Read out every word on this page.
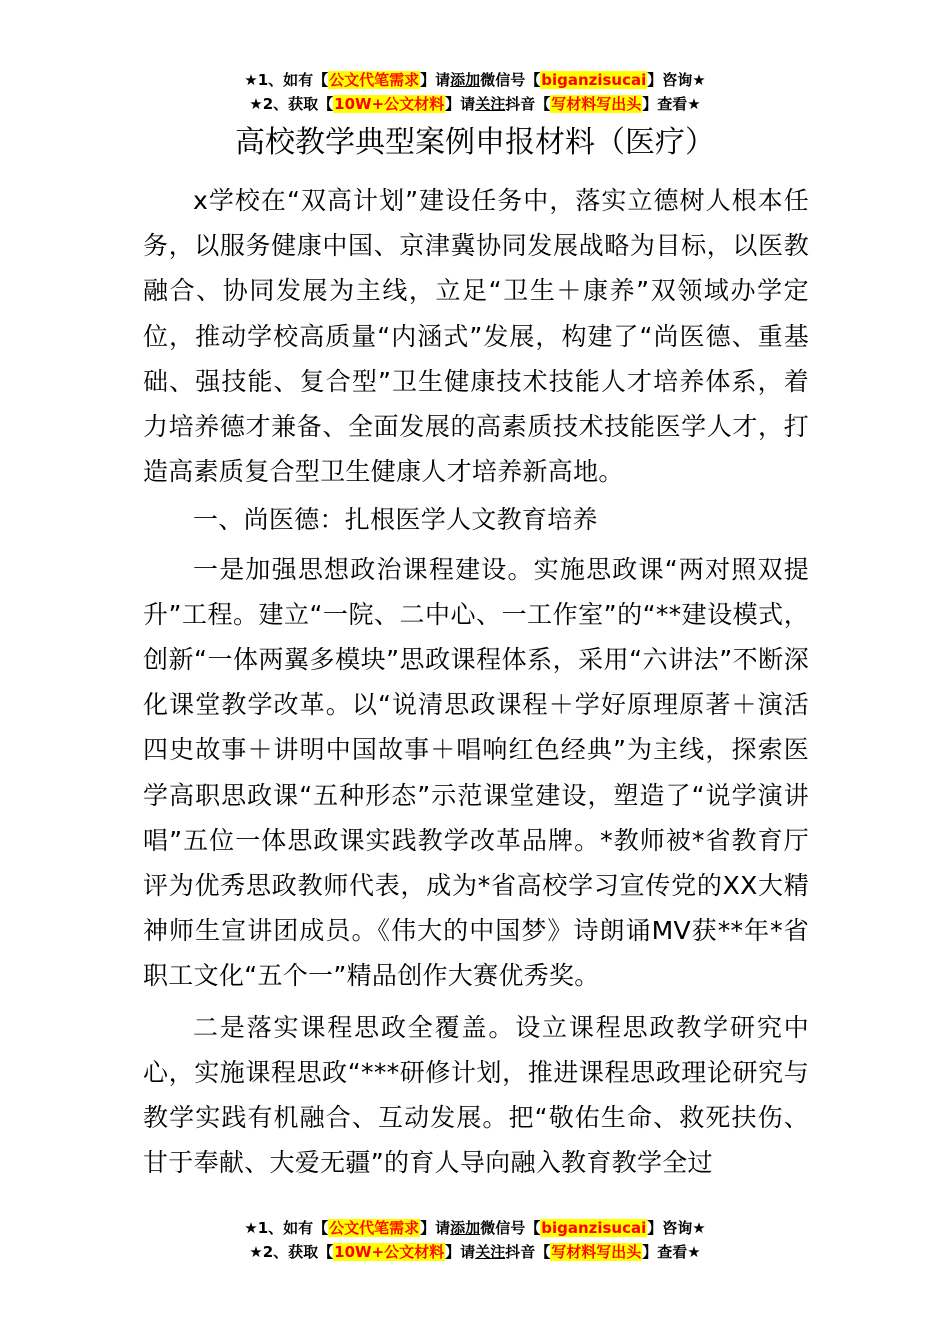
★1、如有【公文代笔需求】请添加微信号【biganzisucai】咨询★
★2、获取【10W+公文材料】请关注抖音【写材料写出头】查看★
高校教学典型案例申报材料（医疗）

x学校在“双高计划”建设任务中，落实立德树人根本任务，以服务健康中国、京津冀协同发展战略为目标，以医教融合、协同发展为主线，立足“卫生＋康养”双领域办学定位，推动学校高质量“内涵式”发展，构建了“尚医德、重基础、强技能、复合型”卫生健康技术技能人才培养体系，着力培养德才兼备、全面发展的高素质技术技能医学人才，打造高素质复合型卫生健康人才培养新高地。

一、尚医德：扎根医学人文教育培养

一是加强思想政治课程建设。实施思政课“两对照双提升”工程。建立“一院、二中心、一工作室”的“**建设模式，创新“一体两翼多模块”思政课程体系，采用“六讲法”不断深化课堂教学改革。以“说清思政课程＋学好原理原著＋演活四史故事＋讲明中国故事＋唱响红色经典”为主线，探索医学高职思政课“五种形态”示范课堂建设，塑造了“说学演讲唱”五位一体思政课实践教学改革品牌。*教师被*省教育厅评为优秀思政教师代表，成为*省高校学习宣传党的XX大精神师生宣讲团成员。《伟大的中国梦》诗朗诵MV获**年*省职工文化“五个一”精品创作大赛优秀奖。

二是落实课程思政全覆盖。设立课程思政教学研究中心，实施课程思政“***研修计划，推进课程思政理论研究与教学实践有机融合、互动发展。把“敬佑生命、救死扶伤、甘于奉献、大爱无疆”的育人导向融入教育教学全过

★1、如有【公文代笔需求】请添加微信号【biganzisucai】咨询★
★2、获取【10W+公文材料】请关注抖音【写材料写出头】查看★
